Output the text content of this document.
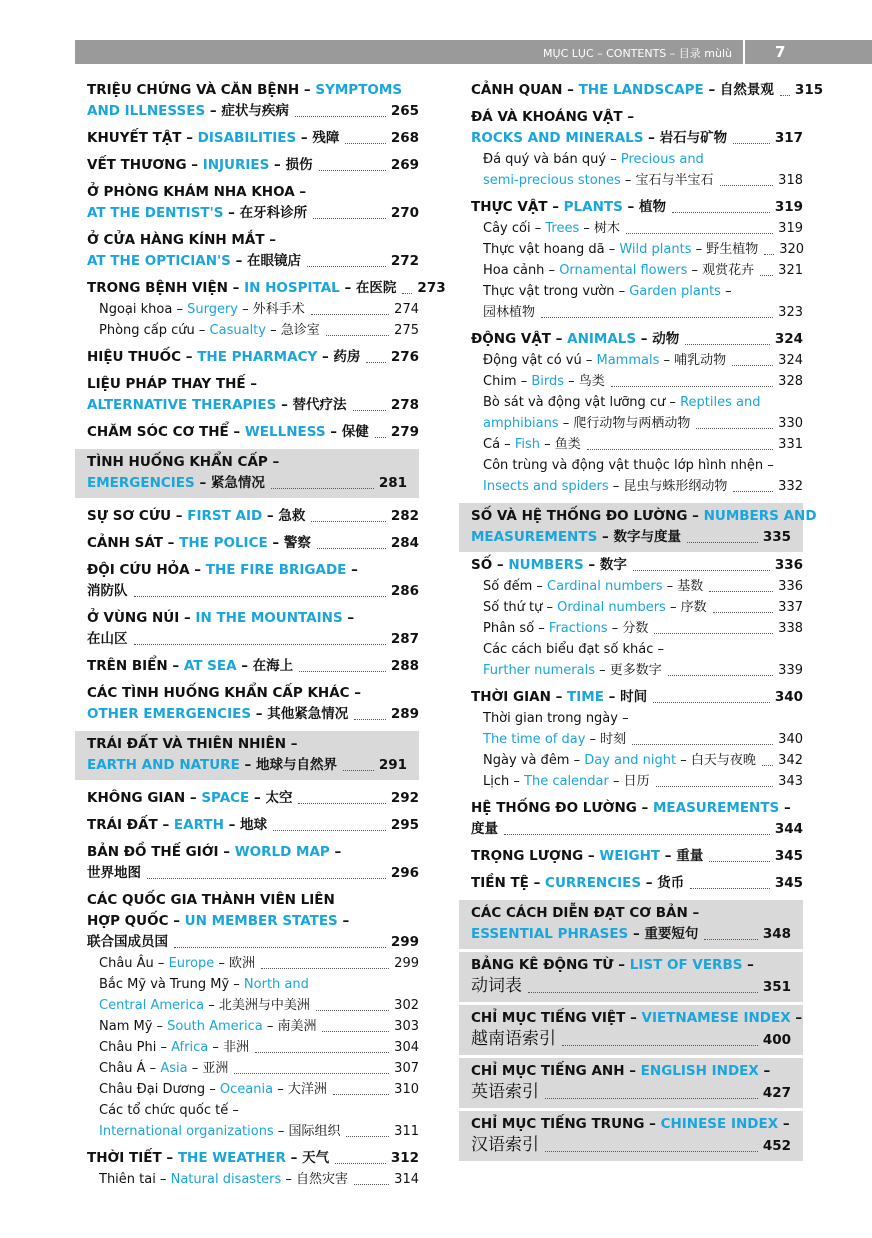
MỤC LỤC – CONTENTS – 目录 mùlù	7
TRIỆU CHỨNG VÀ CĂN BỆNH – SYMPTOMS
AND ILLNESSES – 症状与疾病	265
KHUYẾT TẬT – DISABILITIES – 残障	268
VẾT THƯƠNG – INJURIES – 损伤	269
Ở PHÒNG KHÁM NHA KHOA –
AT THE DENTIST'S – 在牙科诊所	270
Ở CỬA HÀNG KÍNH MẮT –
AT THE OPTICIAN'S – 在眼镜店	272
TRONG BỆNH VIỆN – IN HOSPITAL – 在医院 273
Ngoại khoa – Surgery – 外科手术	274
Phòng cấp cứu – Casualty – 急诊室	275
HIỆU THUỐC – THE PHARMACY – 药房 276
LIỆU PHÁP THAY THẾ –
ALTERNATIVE THERAPIES – 替代疗法	278
CHĂM SÓC CƠ THỂ – WELLNESS – 保健 279
TÌNH HUỐNG KHẨN CẤP –
EMERGENCIES – 紧急情况	281
SỰ SƠ CỨU – FIRST AID – 急救	282
CẢNH SÁT – THE POLICE – 警察	284
ĐỘI CỨU HỎA – THE FIRE BRIGADE –
消防队	286
Ở VÙNG NÚI – IN THE MOUNTAINS –
在山区	287
TRÊN BIỂN – AT SEA – 在海上	288
CÁC TÌNH HUỐNG KHẨN CẤP KHÁC –
OTHER EMERGENCIES – 其他紧急情况	289
TRÁI ĐẤT VÀ THIÊN NHIÊN –
EARTH AND NATURE – 地球与自然界	291
KHÔNG GIAN – SPACE – 太空	292
TRÁI ĐẤT – EARTH – 地球	295
BẢN ĐỒ THẾ GIỚI – WORLD MAP –
世界地图	296
CÁC QUỐC GIA THÀNH VIÊN LIÊN
HỢP QUỐC – UN MEMBER STATES –
联合国成员国	299
Châu Âu – Europe – 欧洲	299
Bắc Mỹ và Trung Mỹ – North and
Central America – 北美洲与中美洲	302
Nam Mỹ – South America – 南美洲	303
Châu Phi – Africa – 非洲	304
Châu Á – Asia – 亚洲	307
Châu Đại Dương – Oceania – 大洋洲	310
Các tổ chức quốc tế –
International organizations – 国际组织	311
THỜI TIẾT – THE WEATHER – 天气	312
Thiên tai – Natural disasters – 自然灾害	314
CẢNH QUAN – THE LANDSCAPE – 自然景观 315
ĐÁ VÀ KHOÁNG VẬT –
ROCKS AND MINERALS – 岩石与矿物	317
Đá quý và bán quý – Precious and
semi-precious stones – 宝石与半宝石	318
THỰC VẬT – PLANTS – 植物	319
Cây cối – Trees – 树木	319
Thực vật hoang dã – Wild plants – 野生植物 320
Hoa cảnh – Ornamental flowers – 观赏花卉 321
Thực vật trong vườn – Garden plants –
园林植物	323
ĐỘNG VẬT – ANIMALS – 动物	324
Động vật có vú – Mammals – 哺乳动物	324
Chim – Birds – 鸟类	328
Bò sát và động vật lưỡng cư – Reptiles and
amphibians – 爬行动物与两栖动物	330
Cá – Fish – 鱼类	331
Côn trùng và động vật thuộc lớp hình nhện –
Insects and spiders – 昆虫与蛛形纲动物	332
SỐ VÀ HỆ THỐNG ĐO LƯỜNG – NUMBERS AND
MEASUREMENTS – 数字与度量	335
SỐ – NUMBERS – 数字	336
Số đếm – Cardinal numbers – 基数	336
Số thứ tự – Ordinal numbers – 序数	337
Phân số – Fractions – 分数	338
Các cách biểu đạt số khác –
Further numerals – 更多数字	339
THỜI GIAN – TIME – 时间	340
Thời gian trong ngày –
The time of day – 时刻	340
Ngày và đêm – Day and night – 白天与夜晚 342
Lịch – The calendar – 日历	343
HỆ THỐNG ĐO LƯỜNG – MEASUREMENTS –
度量	344
TRỌNG LƯỢNG – WEIGHT – 重量	345
TIỀN TỆ – CURRENCIES – 货币	345
CÁC CÁCH DIỄN ĐẠT CƠ BẢN –
ESSENTIAL PHRASES – 重要短句	348
BẢNG KÊ ĐỘNG TỪ – LIST OF VERBS –
动词表	351
CHỈ MỤC TIẾNG VIỆT – VIETNAMESE INDEX –
越南语索引	400
CHỈ MỤC TIẾNG ANH – ENGLISH INDEX –
英语索引	427
CHỈ MỤC TIẾNG TRUNG – CHINESE INDEX –
汉语索引	452
